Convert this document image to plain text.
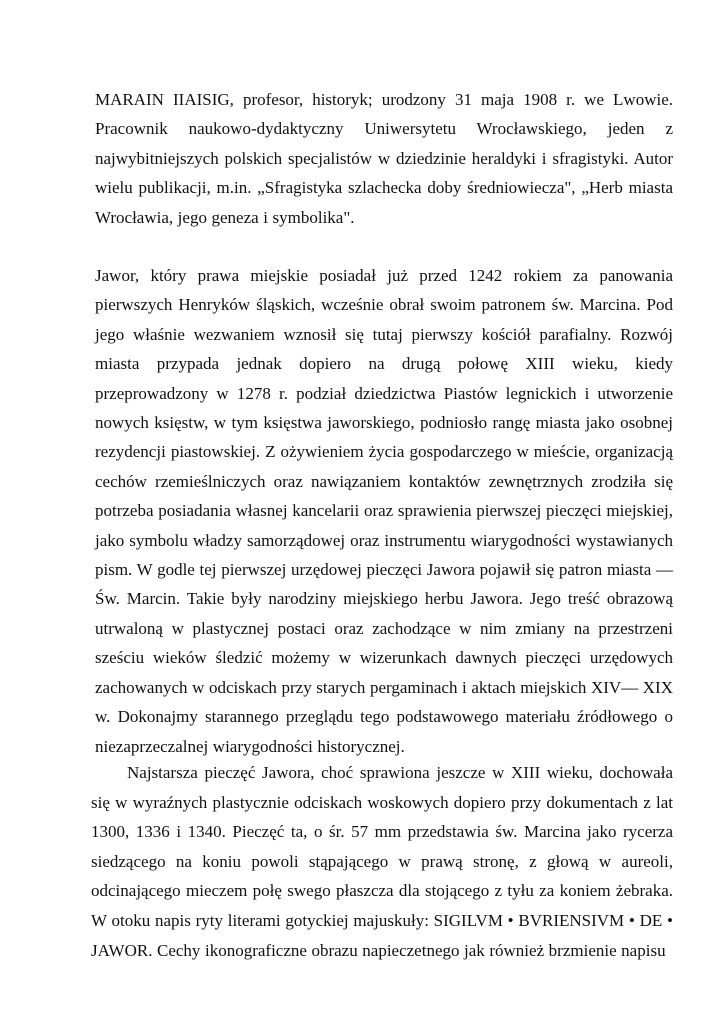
MARAIN IIAISIG, profesor, historyk; urodzony 31 maja 1908 r. we Lwowie. Pracownik naukowo-dydaktyczny Uniwersytetu Wrocławskiego, jeden z najwybitniejszych polskich specjalistów w dziedzinie heraldyki i sfragistyki. Autor wielu publikacji, m.in. „Sfragistyka szlachecka doby średniowiecza", „Herb miasta Wrocławia, jego geneza i symbolika".

Jawor, który prawa miejskie posiadał już przed 1242 rokiem za panowania pierwszych Henryków śląskich, wcześnie obrał swoim patronem św. Marcina. Pod jego właśnie wezwaniem wznosił się tutaj pierwszy kościół parafialny. Rozwój miasta przypada jednak dopiero na drugą połowę XIII wieku, kiedy przeprowadzony w 1278 r. podział dziedzictwa Piastów legnickich i utworzenie nowych księstw, w tym księstwa jaworskiego, podniosło rangę miasta jako osobnej rezydencji piastowskiej. Z ożywieniem życia gospodarczego w mieście, organizacją cechów rzemieślniczych oraz nawiązaniem kontaktów zewnętrznych zrodziła się potrzeba posiadania własnej kancelarii oraz sprawienia pierwszej pieczęci miejskiej, jako symbolu władzy samorządowej oraz instrumentu wiarygodności wystawianych pism. W godle tej pierwszej urzędowej pieczęci Jawora pojawił się patron miasta — Św. Marcin. Takie były narodziny miejskiego herbu Jawora. Jego treść obrazową utrwaloną w plastycznej postaci oraz zachodzące w nim zmiany na przestrzeni sześciu wieków śledzić możemy w wizerunkach dawnych pieczęci urzędowych zachowanych w odciskach przy starych pergaminach i aktach miejskich XIV— XIX w. Dokonajmy starannego przeglądu tego podstawowego materiału źródłowego o niezaprzeczalnej wiarygodności historycznej.

Najstarsza pieczęć Jawora, choć sprawiona jeszcze w XIII wieku, dochowała się w wyraźnych plastycznie odciskach woskowych dopiero przy dokumentach z lat 1300, 1336 i 1340. Pieczęć ta, o śr. 57 mm przedstawia św. Marcina jako rycerza siedzącego na koniu powoli stąpającego w prawą stronę, z głową w aureoli, odcinającego mieczem połę swego płaszcza dla stojącego z tyłu za koniem żebraka. W otoku napis ryty literami gotyckiej majuskuły: SIGILVM • BVRIENSIVM • DE • JAWOR. Cechy ikonograficzne obrazu napieczetnego jak również brzmienie napisu
